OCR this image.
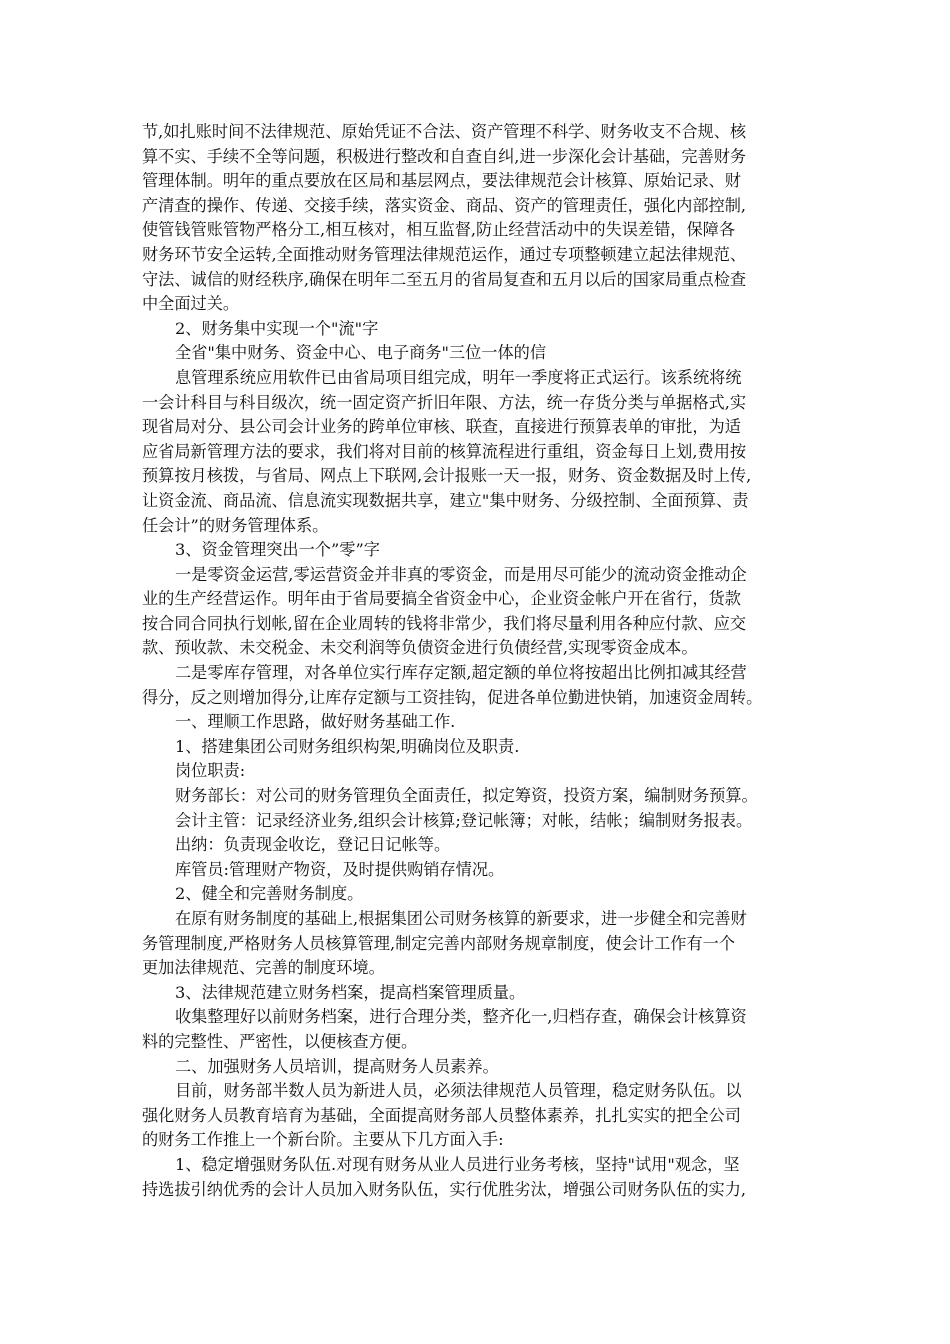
节,如扎账时间不法律规范、原始凭证不合法、资产管理不科学、财务收支不合规、核
算不实、手续不全等问题，积极进行整改和自查自纠,进一步深化会计基础，完善财务
管理体制。明年的重点要放在区局和基层网点，要法律规范会计核算、原始记录、财
产清查的操作、传递、交接手续，落实资金、商品、资产的管理责任，强化内部控制,
使管钱管账管物严格分工,相互核对，相互监督,防止经营活动中的失误差错，保障各
财务环节安全运转,全面推动财务管理法律规范运作，通过专项整顿建立起法律规范、
守法、诚信的财经秩序,确保在明年二至五月的省局复查和五月以后的国家局重点检查
中全面过关。
2、财务集中实现一个"流"字
全省"集中财务、资金中心、电子商务"三位一体的信
息管理系统应用软件已由省局项目组完成，明年一季度将正式运行。该系统将统
一会计科目与科目级次，统一固定资产折旧年限、方法，统一存货分类与单据格式,实
现省局对分、县公司会计业务的跨单位审核、联查，直接进行预算表单的审批，为适
应省局新管理方法的要求，我们将对目前的核算流程进行重组，资金每日上划,费用按
预算按月核拨，与省局、网点上下联网,会计报账一天一报，财务、资金数据及时上传,
让资金流、商品流、信息流实现数据共享，建立"集中财务、分级控制、全面预算、责
任会计”的财务管理体系。
3、资金管理突出一个”零”字
一是零资金运营,零运营资金并非真的零资金，而是用尽可能少的流动资金推动企
业的生产经营运作。明年由于省局要搞全省资金中心，企业资金帐户开在省行，货款
按合同合同执行划帐,留在企业周转的钱将非常少，我们将尽量利用各种应付款、应交
款、预收款、未交税金、未交利润等负债资金进行负债经营,实现零资金成本。
二是零库存管理，对各单位实行库存定额,超定额的单位将按超出比例扣减其经营
得分，反之则增加得分,让库存定额与工资挂钩，促进各单位勤进快销，加速资金周转。
一、理顺工作思路，做好财务基础工作.
1、搭建集团公司财务组织构架,明确岗位及职责.
岗位职责:
财务部长：对公司的财务管理负全面责任，拟定筹资，投资方案，编制财务预算。
会计主管：记录经济业务,组织会计核算;登记帐簿；对帐，结帐；编制财务报表。
出纳：负责现金收讫，登记日记帐等。
库管员:管理财产物资，及时提供购销存情况。
2、健全和完善财务制度。
在原有财务制度的基础上,根据集团公司财务核算的新要求，进一步健全和完善财
务管理制度,严格财务人员核算管理,制定完善内部财务规章制度，使会计工作有一个
更加法律规范、完善的制度环境。
3、法律规范建立财务档案，提高档案管理质量。
收集整理好以前财务档案，进行合理分类，整齐化一,归档存查，确保会计核算资
料的完整性、严密性，以便核查方便。
二、加强财务人员培训，提高财务人员素养。
目前，财务部半数人员为新进人员，必须法律规范人员管理，稳定财务队伍。以
强化财务人员教育培育为基础，全面提高财务部人员整体素养，扎扎实实的把全公司
的财务工作推上一个新台阶。主要从下几方面入手:
1、稳定增强财务队伍.对现有财务从业人员进行业务考核，坚持"试用"观念，坚
持选拔引纳优秀的会计人员加入财务队伍，实行优胜劣汰，增强公司财务队伍的实力,
